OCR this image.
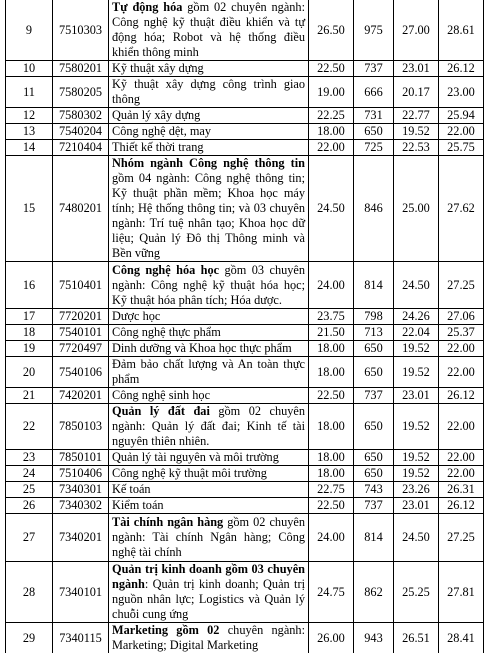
9	7510303	Tự động hóa gồm 02 chuyên ngành: Công nghệ kỹ thuật điều khiển và tự động hóa; Robot và hệ thống điều khiển thông minh	26.50	975	27.00	28.61
10	7580201	Kỹ thuật xây dựng	22.50	737	23.01	26.12
11	7580205	Kỹ thuật xây dựng công trình giao thông	19.00	666	20.17	23.00
12	7580302	Quản lý xây dựng	22.25	731	22.77	25.94
13	7540204	Công nghệ dệt, may	18.00	650	19.52	22.00
14	7210404	Thiết kế thời trang	22.00	725	22.53	25.75
15	7480201	Nhóm ngành Công nghệ thông tin gồm 04 ngành: Công nghệ thông tin; Kỹ thuật phần mềm; Khoa học máy tính; Hệ thống thông tin; và 03 chuyên ngành: Trí tuệ nhân tạo; Khoa học dữ liệu; Quản lý Đô thị Thông minh và Bền vững	24.50	846	25.00	27.62
16	7510401	Công nghệ hóa học gồm 03 chuyên ngành: Công nghệ kỹ thuật hóa học; Kỹ thuật hóa phân tích; Hóa dược.	24.00	814	24.50	27.25
17	7720201	Dược học	23.75	798	24.26	27.06
18	7540101	Công nghệ thực phẩm	21.50	713	22.04	25.37
19	7720497	Dinh dưỡng và Khoa học thực phẩm	18.00	650	19.52	22.00
20	7540106	Đảm bảo chất lượng và An toàn thực phẩm	18.00	650	19.52	22.00
21	7420201	Công nghệ sinh học	22.50	737	23.01	26.12
22	7850103	Quản lý đất đai gồm 02 chuyên ngành: Quản lý đất đai; Kinh tế tài nguyên thiên nhiên.	18.00	650	19.52	22.00
23	7850101	Quản lý tài nguyên và môi trường	18.00	650	19.52	22.00
24	7510406	Công nghệ kỹ thuật môi trường	18.00	650	19.52	22.00
25	7340301	Kế toán	22.75	743	23.26	26.31
26	7340302	Kiểm toán	22.50	737	23.01	26.12
27	7340201	Tài chính ngân hàng gồm 02 chuyên ngành: Tài chính Ngân hàng; Công nghệ tài chính	24.00	814	24.50	27.25
28	7340101	Quản trị kinh doanh gồm 03 chuyên ngành: Quản trị kinh doanh; Quản trị nguồn nhân lực; Logistics và Quản lý chuỗi cung ứng	24.75	862	25.25	27.81
29	7340115	Marketing gồm 02 chuyên ngành: Marketing; Digital Marketing	26.00	943	26.51	28.41
